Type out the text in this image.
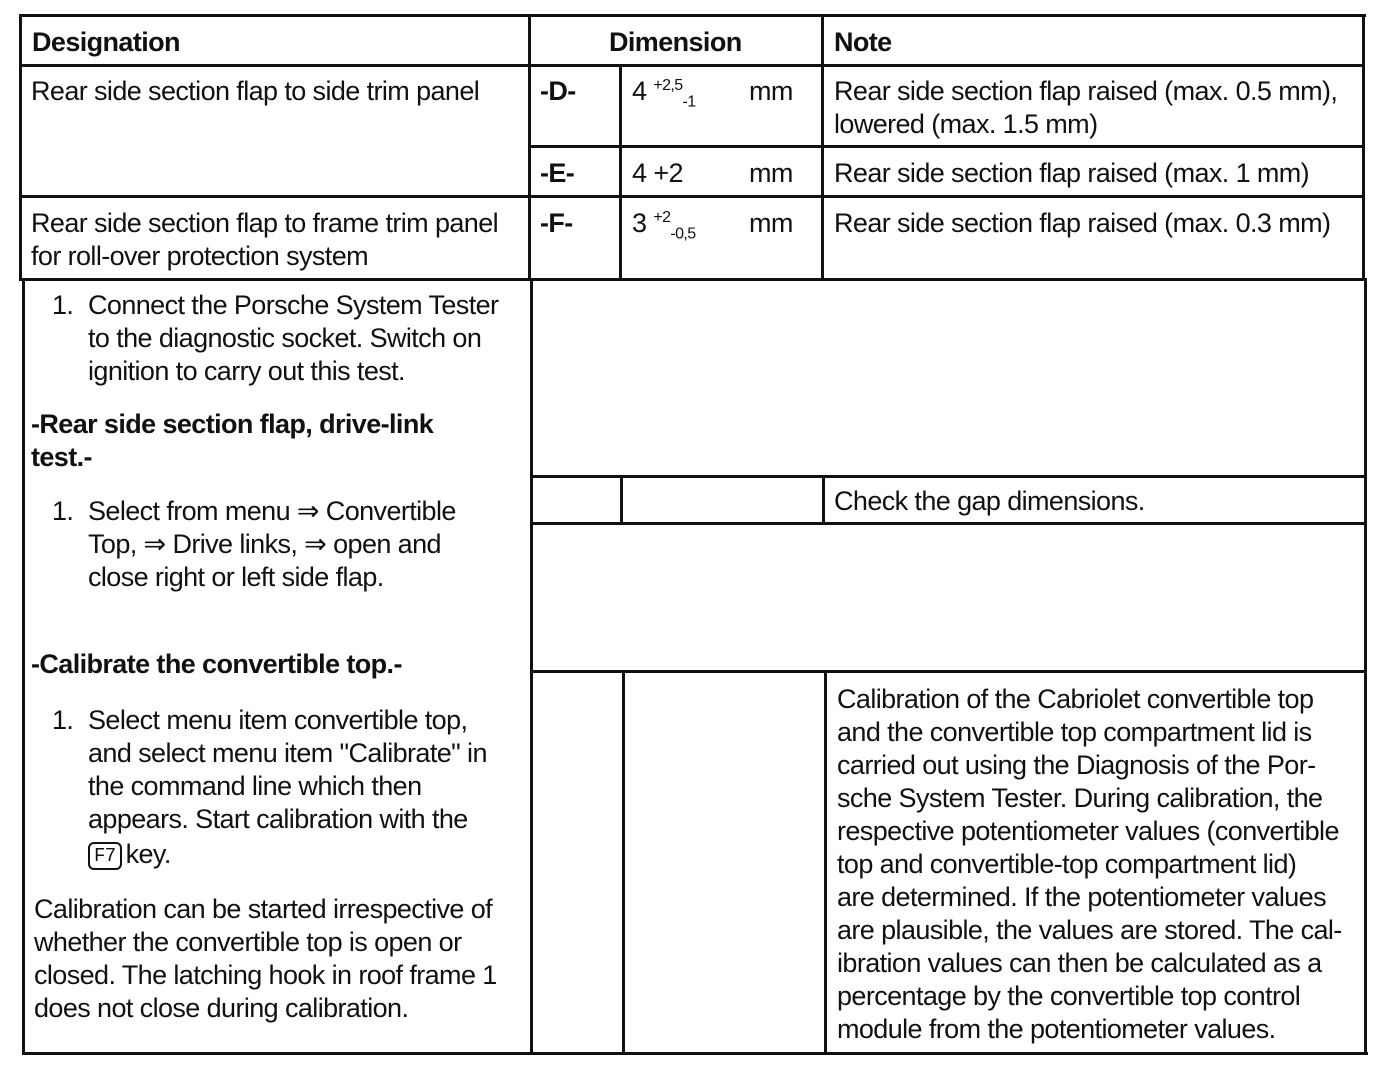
Designation	Dimension	Note
Rear side section flap to side trim panel -D- 4 $^{+2,5}_{-1}$ mm Rear side section flap raised (max. 0.5 mm),
lowered (max. 1.5 mm)
-E- 4 +2 mm Rear side section flap raised (max. 1 mm)
Rear side section flap to frame trim panel
for roll-over protection system
-F- 3 $^{+2}_{-0,5}$ mm Rear side section flap raised (max. 0.3 mm)
1. Connect the Porsche System Tester
to the diagnostic socket. Switch on
ignition to carry out this test.
-Rear side section flap, drive-link
test.-
1. Select from menu ⇒ Convertible
Top, ⇒ Drive links, ⇒ open and
close right or left side flap.
Check the gap dimensions.
-Calibrate the convertible top.-
1. Select menu item convertible top,
and select menu item "Calibrate" in
the command line which then
appears. Start calibration with the
F7 key.
Calibration can be started irrespective of
whether the convertible top is open or
closed. The latching hook in roof frame 1
does not close during calibration.
Calibration of the Cabriolet convertible top
and the convertible top compartment lid is
carried out using the Diagnosis of the Por-
sche System Tester. During calibration, the
respective potentiometer values (convertible
top and convertible-top compartment lid)
are determined. If the potentiometer values
are plausible, the values are stored. The cal-
ibration values can then be calculated as a
percentage by the convertible top control
module from the potentiometer values.
